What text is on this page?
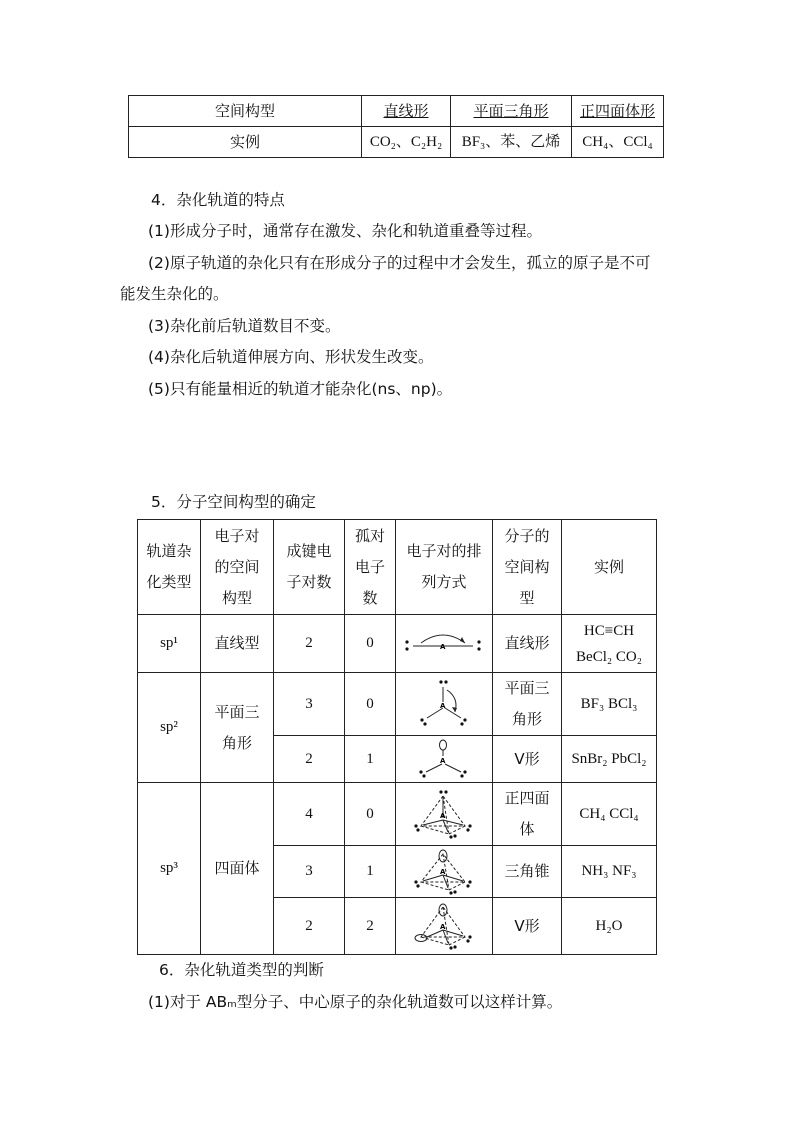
空间构型	直线形	平面三角形	正四面体形
实例	CO₂、C₂H₂	BF₃、苯、乙烯	CH₄、CCl₄

4．杂化轨道的特点

(1)形成分子时，通常存在激发、杂化和轨道重叠等过程。

(2)原子轨道的杂化只有在形成分子的过程中才会发生，孤立的原子是不可

能发生杂化的。

(3)杂化前后轨道数目不变。

(4)杂化后轨道伸展方向、形状发生改变。

(5)只有能量相近的轨道才能杂化(ns、np)。

5．分子空间构型的确定

轨道杂
化类型	电子对
的空间
构型	成键电
子对数	孤对
电子
数	电子对的排
列方式	分子的
空间构
型	实例
sp¹	直线型	2	0	A	直线形	HC≡CH
BeCl₂ CO₂
sp²	平面三
角形	3	0	A	平面三
角形	BF₃ BCl₃
		2	1	A	V形	SnBr₂ PbCl₂
sp³	四面体	4	0	A	正四面
体	CH₄ CCl₄
		3	1	A	三角锥	NH₃ NF₃
		2	2	A	V形	H₂O

6．杂化轨道类型的判断

(1)对于 ABₘ型分子、中心原子的杂化轨道数可以这样计算。
